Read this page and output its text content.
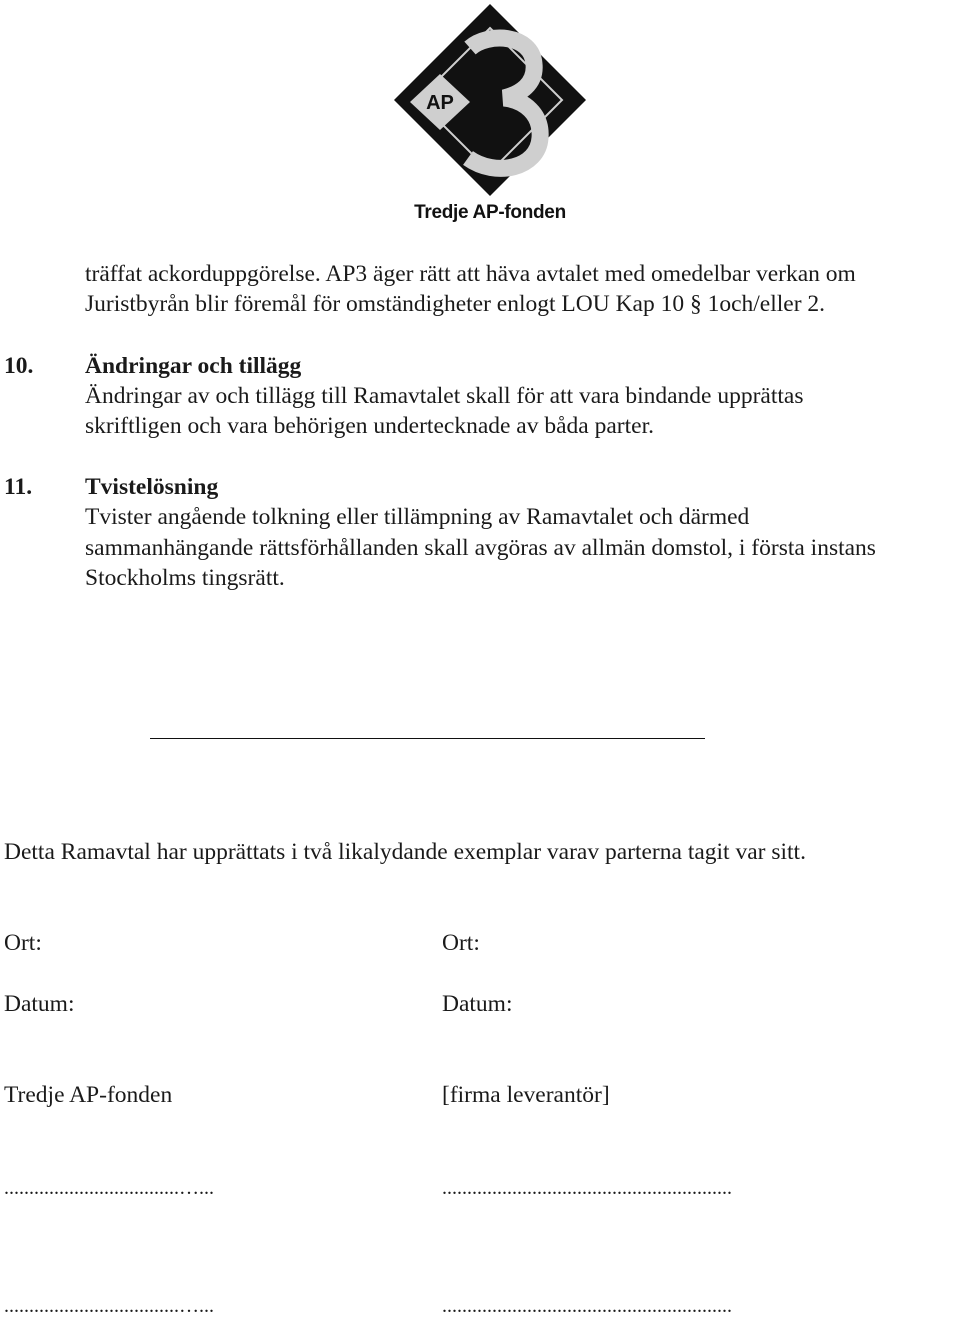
AP
Tredje AP-fonden
träffat ackorduppgörelse. AP3 äger rätt att häva avtalet med omedelbar verkan om
Juristbyrån blir föremål för omständigheter enlogt LOU Kap 10 § 1och/eller 2.
10. Ändringar och tillägg
Ändringar av och tillägg till Ramavtalet skall för att vara bindande upprättas
skriftligen och vara behörigen undertecknade av båda parter.
11. Tvistelösning
Tvister angående tolkning eller tillämpning av Ramavtalet och därmed
sammanhängande rättsförhållanden skall avgöras av allmän domstol, i första instans
Stockholms tingsrätt.
Detta Ramavtal har upprättats i två likalydande exemplar varav parterna tagit var sitt.
Ort:
Datum:
Tredje AP-fonden
...................................…...
...................................…...
Ort:
Datum:
[firma leverantör]
..........................................................
..........................................................
